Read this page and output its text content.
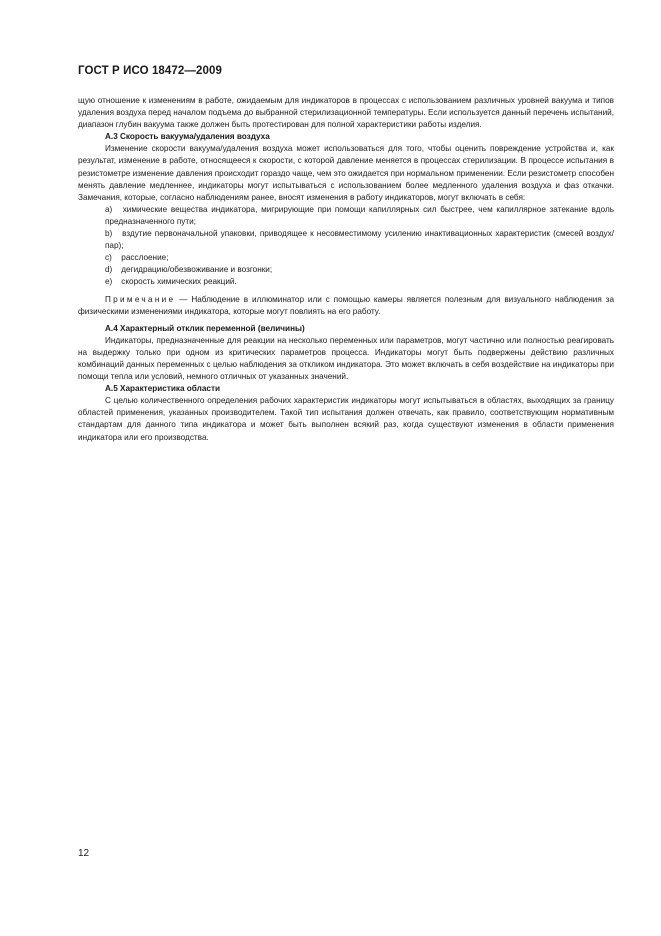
ГОСТ Р ИСО 18472—2009

щую отношение к изменениям в работе, ожидаемым для индикаторов в процессах с использованием различных уровней вакуума и типов удаления воздуха перед началом подъема до выбранной стерилизационной температуры. Если используется данный перечень испытаний, диапазон глубин вакуума также должен быть протестирован для полной характеристики работы изделия.

А.3 Скорость вакуума/удаления воздуха

Изменение скорости вакуума/удаления воздуха может использоваться для того, чтобы оценить повреждение устройства и, как результат, изменение в работе, относящееся к скорости, с которой давление меняется в процессах стерилизации. В процессе испытания в резистометре изменение давления происходит гораздо чаще, чем это ожидается при нормальном применении. Если резистометр способен менять давление медленнее, индикаторы могут испытываться с использованием более медленного удаления воздуха и фаз откачки. Замечания, которые, согласно наблюдениям ранее, вносят изменения в работу индикаторов, могут включать в себя:

а) химические вещества индикатора, мигрирующие при помощи капиллярных сил быстрее, чем капиллярное затекание вдоль предназначенного пути;

b) вздутие первоначальной упаковки, приводящее к несовместимому усилению инактивационных характеристик (смесей воздух/пар);

с) расслоение;

d) дегидрацию/обезвоживание и возгонки;

е) скорость химических реакций.

Примечание — Наблюдение в иллюминатор или с помощью камеры является полезным для визуального наблюдения за физическими изменениями индикатора, которые могут повлиять на его работу.

А.4 Характерный отклик переменной (величины)

Индикаторы, предназначенные для реакции на несколько переменных или параметров, могут частично или полностью реагировать на выдержку только при одном из критических параметров процесса. Индикаторы могут быть подвержены действию различных комбинаций данных переменных с целью наблюдения за откликом индикатора. Это может включать в себя воздействие на индикаторы при помощи тепла или условий, немного отличных от указанных значений.

А.5 Характеристика области

С целью количественного определения рабочих характеристик индикаторы могут испытываться в областях, выходящих за границу областей применения, указанных производителем. Такой тип испытания должен отвечать, как правило, соответствующим нормативным стандартам для данного типа индикатора и может быть выполнен всякий раз, когда существуют изменения в области применения индикатора или его производства.

12
